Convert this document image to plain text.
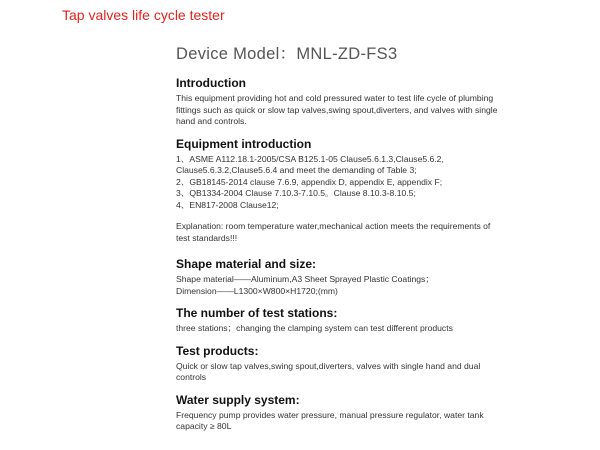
Tap valves life cycle tester
Device Model：MNL-ZD-FS3
Introduction

This equipment providing hot and cold pressured water to test life cycle of plumbing fittings such as quick or slow tap valves,swing spout,diverters, and valves with single hand and controls.

Equipment introduction
1、ASME A112.18.1-2005/CSA B125.1-05 Clause5.6.1.3,Clause5.6.2, Clause5.6.3.2,Clause5.6.4 and meet the demanding of Table 3;
2、GB18145-2014 clause 7.6.9, appendix D, appendix E, appendix F;
3、QB1334-2004 Clause 7.10.3-7.10.5。Clause 8.10.3-8.10.5;
4、EN817-2008 Clause12;

Explanation: room temperature water,mechanical action meets the requirements of test standards!!!

Shape material and size:

Shape material——Aluminum,A3 Sheet Sprayed Plastic Coatings；

Dimension——L1300×W800×H1720;(mm)

The number of test stations:

three stations；changing the clamping system can test different products

Test products:

Quick or slow tap valves,swing spout,diverters, valves with single hand and dual controls

Water supply system:

Frequency pump provides water pressure, manual pressure regulator, water tank capacity ≥ 80L
